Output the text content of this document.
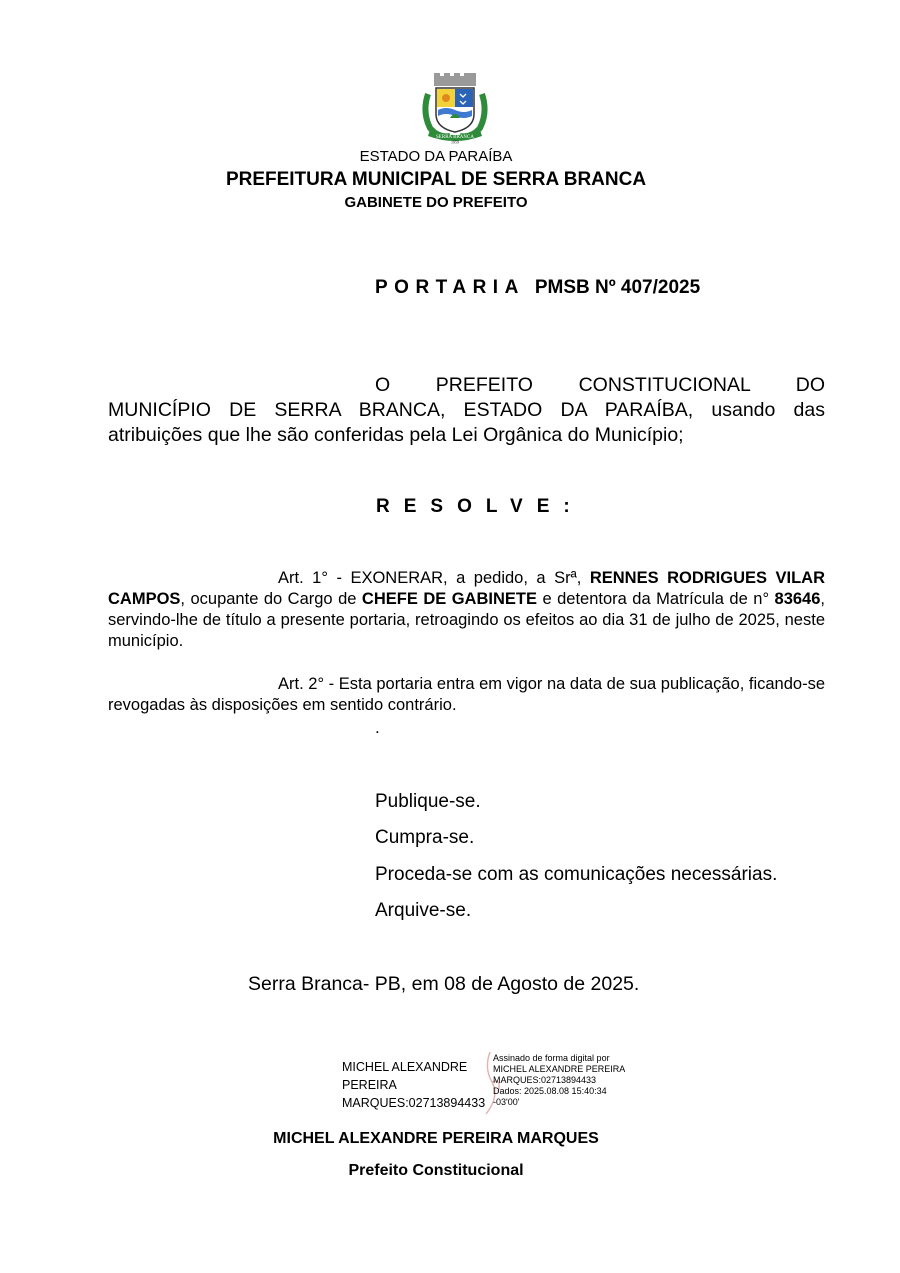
SERRA BRANCA
1959
ESTADO DA PARAÍBA
PREFEITURA MUNICIPAL DE SERRA BRANCA
GABINETE DO PREFEITO
PORTARIA PMSB Nº 407/2025
O PREFEITO CONSTITUCIONAL DO
MUNICÍPIO DE SERRA BRANCA, ESTADO DA PARAÍBA, usando das
atribuições que lhe são conferidas pela Lei Orgânica do Município;
RESOLVE:
Art. 1° - EXONERAR, a pedido, a Srª, RENNES RODRIGUES VILAR CAMPOS, ocupante do Cargo de CHEFE DE GABINETE e detentora da Matrícula de n° 83646, servindo-lhe de título a presente portaria, retroagindo os efeitos ao dia 31 de julho de 2025, neste município.
Art. 2° - Esta portaria entra em vigor na data de sua publicação, ficando-se revogadas às disposições em sentido contrário.
.
Publique-se.
Cumpra-se.
Proceda-se com as comunicações necessárias.
Arquive-se.
Serra Branca- PB, em 08 de Agosto de 2025.
MICHEL ALEXANDRE
PEREIRA
MARQUES:02713894433
Assinado de forma digital por
MICHEL ALEXANDRE PEREIRA
MARQUES:02713894433
Dados: 2025.08.08 15:40:34
-03'00'
MICHEL ALEXANDRE PEREIRA MARQUES
Prefeito Constitucional
